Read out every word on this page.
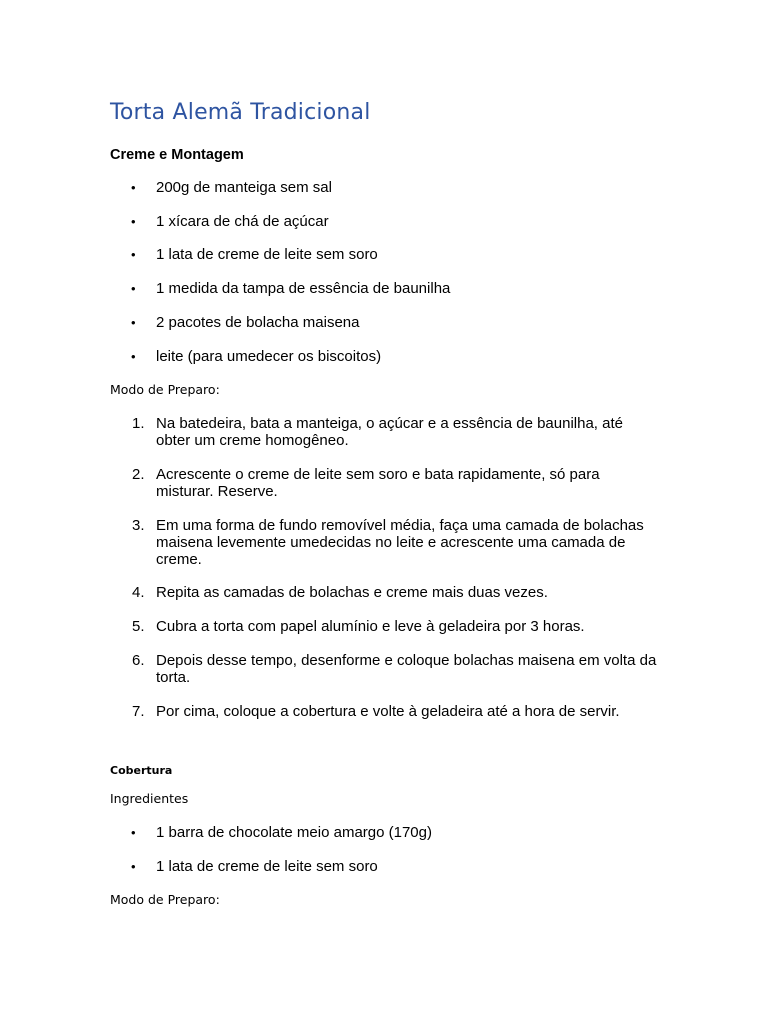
Torta Alemã Tradicional
Creme e Montagem
• 200g de manteiga sem sal
• 1 xícara de chá de açúcar
• 1 lata de creme de leite sem soro
• 1 medida da tampa de essência de baunilha
• 2 pacotes de bolacha maisena
• leite (para umedecer os biscoitos)

Modo de Preparo:

1. Na batedeira, bata a manteiga, o açúcar e a essência de baunilha, até obter um creme homogêneo.
2. Acrescente o creme de leite sem soro e bata rapidamente, só para misturar. Reserve.
3. Em uma forma de fundo removível média, faça uma camada de bolachas maisena levemente umedecidas no leite e acrescente uma camada de creme.
4. Repita as camadas de bolachas e creme mais duas vezes.
5. Cubra a torta com papel alumínio e leve à geladeira por 3 horas.
6. Depois desse tempo, desenforme e coloque bolachas maisena em volta da torta.
7. Por cima, coloque a cobertura e volte à geladeira até a hora de servir.
Cobertura

Ingredientes

• 1 barra de chocolate meio amargo (170g)
• 1 lata de creme de leite sem soro

Modo de Preparo:
